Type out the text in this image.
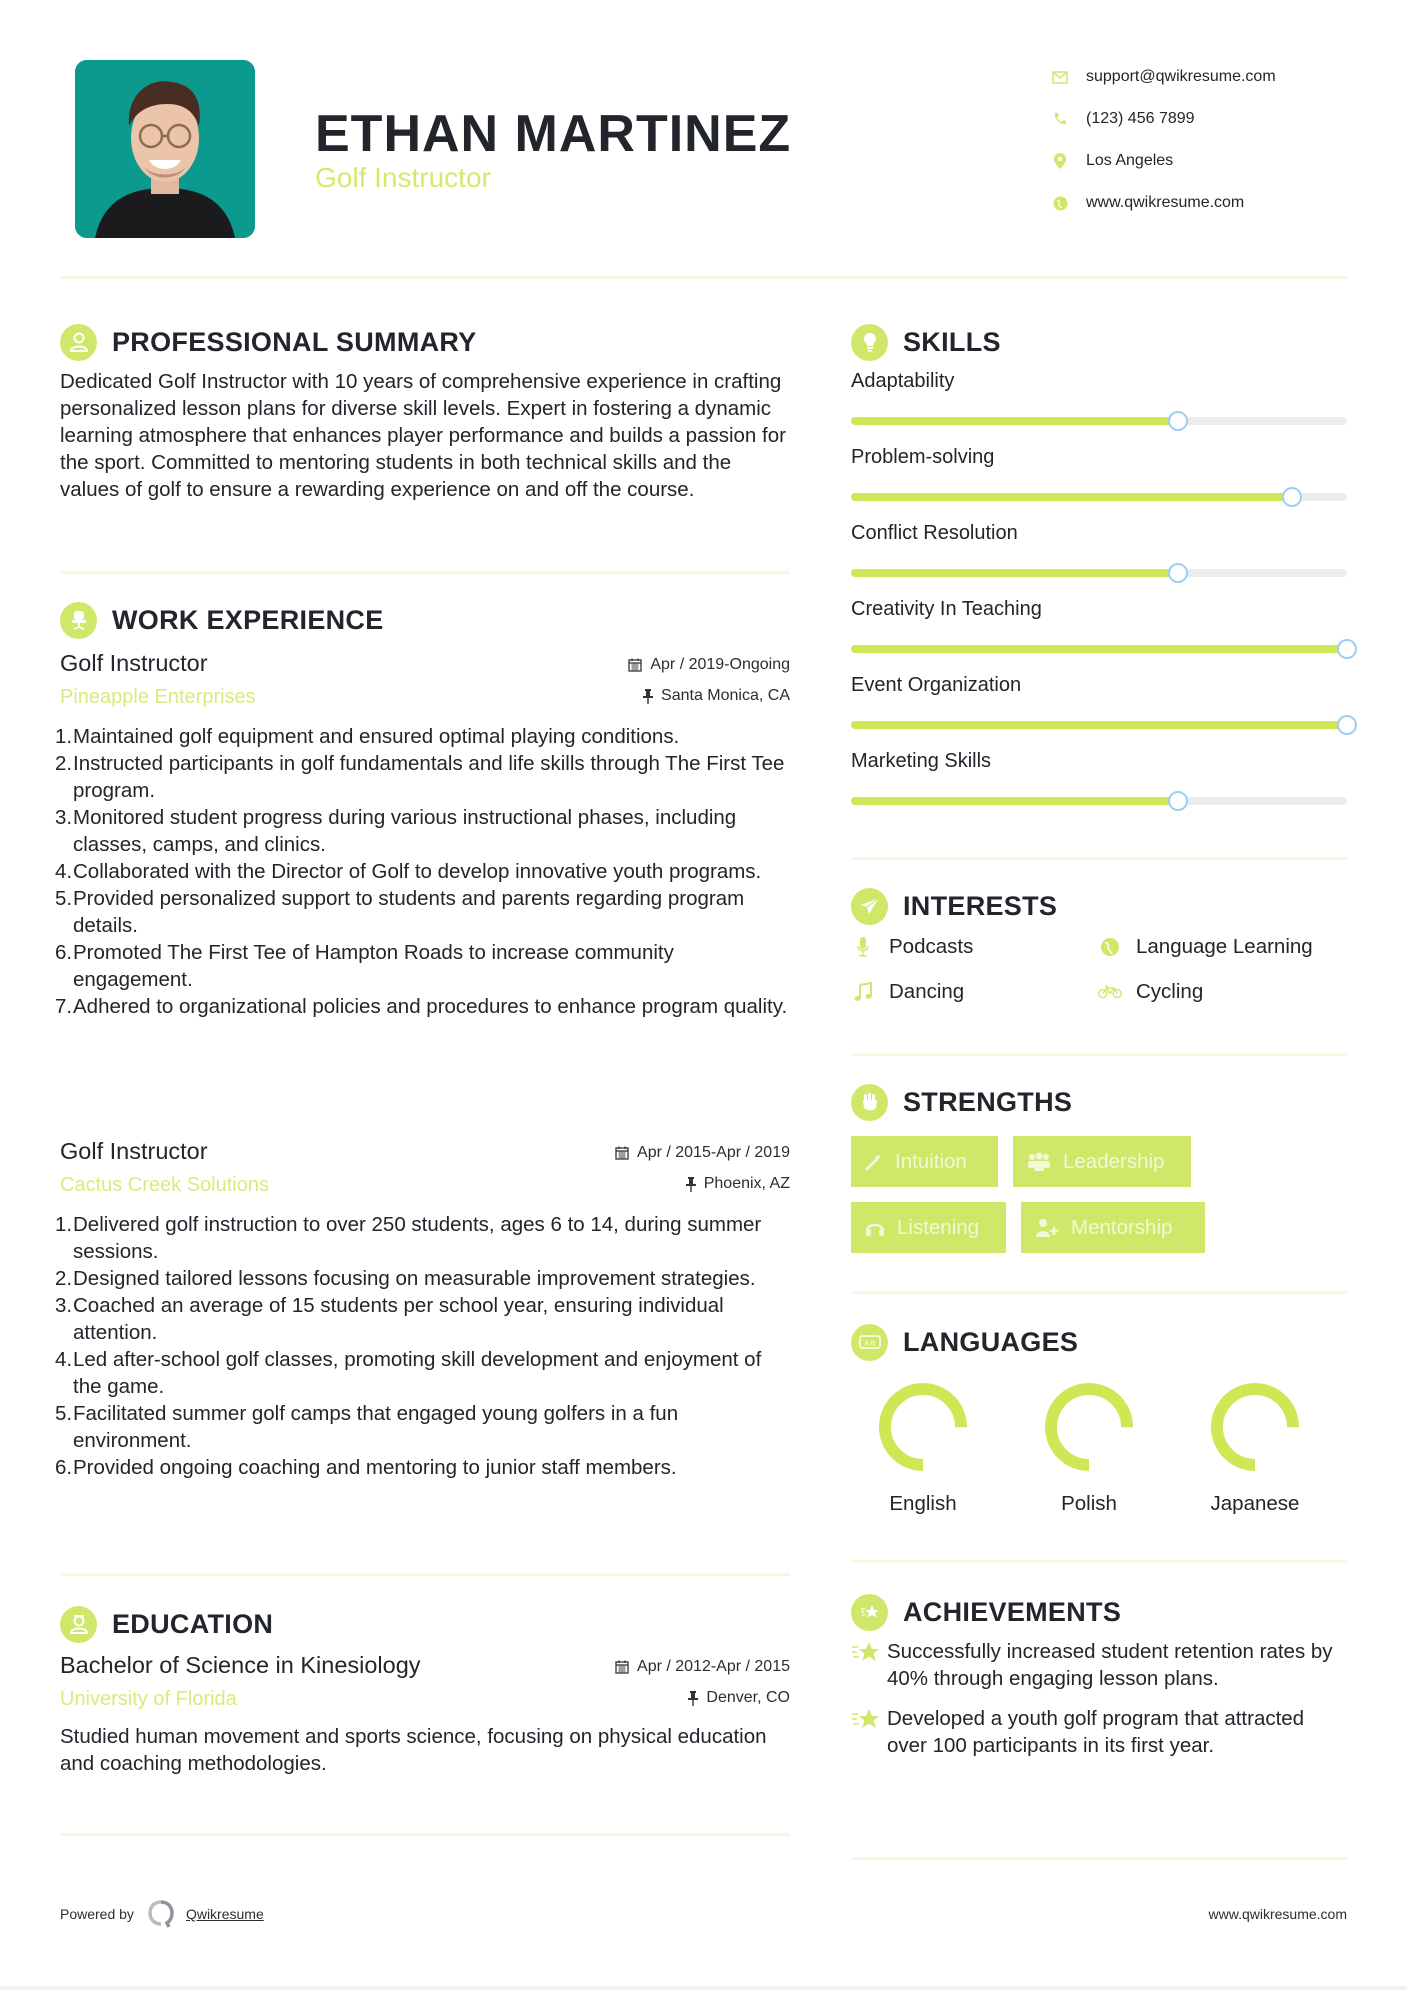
ETHAN MARTINEZ
Golf Instructor
support@qwikresume.com
(123) 456 7899
Los Angeles
www.qwikresume.com
PROFESSIONAL SUMMARY

Dedicated Golf Instructor with 10 years of comprehensive experience in crafting personalized lesson plans for diverse skill levels. Expert in fostering a dynamic learning atmosphere that enhances player performance and builds a passion for the sport. Committed to mentoring students in both technical skills and the values of golf to ensure a rewarding experience on and off the course.

WORK EXPERIENCE
Golf Instructor
Pineapple Enterprises
Apr / 2019-Ongoing
Santa Monica, CA
1. Maintained golf equipment and ensured optimal playing conditions.
2. Instructed participants in golf fundamentals and life skills through The First Tee program.
3. Monitored student progress during various instructional phases, including classes, camps, and clinics.
4. Collaborated with the Director of Golf to develop innovative youth programs.
5. Provided personalized support to students and parents regarding program details.
6. Promoted The First Tee of Hampton Roads to increase community engagement.
7. Adhered to organizational policies and procedures to enhance program quality.
Golf Instructor
Cactus Creek Solutions
Apr / 2015-Apr / 2019
Phoenix, AZ
1. Delivered golf instruction to over 250 students, ages 6 to 14, during summer sessions.
2. Designed tailored lessons focusing on measurable improvement strategies.
3. Coached an average of 15 students per school year, ensuring individual attention.
4. Led after-school golf classes, promoting skill development and enjoyment of the game.
5. Facilitated summer golf camps that engaged young golfers in a fun environment.
6. Provided ongoing coaching and mentoring to junior staff members.
EDUCATION
Bachelor of Science in Kinesiology
University of Florida
Apr / 2012-Apr / 2015
Denver, CO

Studied human movement and sports science, focusing on physical education and coaching methodologies.

SKILLS
Adaptability
Problem-solving
Conflict Resolution
Creativity In Teaching
Event Organization
Marketing Skills
INTERESTS
Podcasts	Language Learning
Dancing	Cycling
STRENGTHS
Intuition	Leadership
Listening	Mentorship
A B LANGUAGES
English	Polish	Japanese
ACHIEVEMENTS
Successfully increased student retention rates by 40% through engaging lesson plans.
Developed a youth golf program that attracted over 100 participants in its first year.
Powered by	Qwikresume	www.qwikresume.com
